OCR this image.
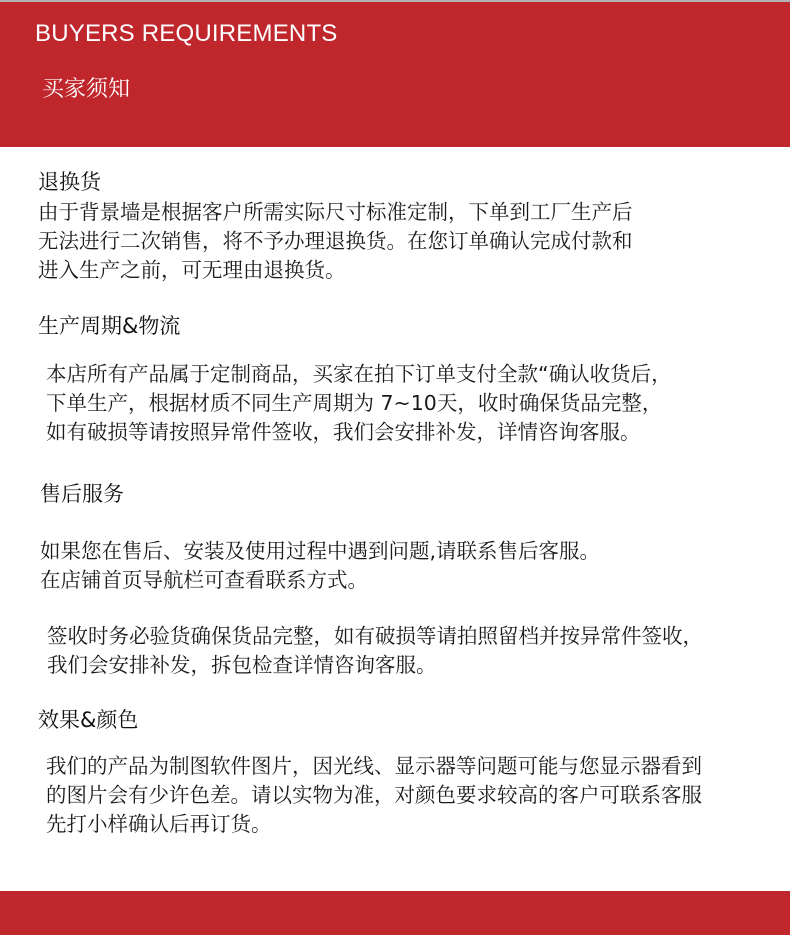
BUYERS REQUIREMENTS
买家须知
退换货
由于背景墙是根据客户所需实际尺寸标准定制，下单到工厂生产后
无法进行二次销售，将不予办理退换货。在您订单确认完成付款和
进入生产之前，可无理由退换货。
生产周期&物流
本店所有产品属于定制商品，买家在拍下订单支付全款“确认收货后，
下单生产，根据材质不同生产周期为 7~10天，收时确保货品完整，
如有破损等请按照异常件签收，我们会安排补发，详情咨询客服。
售后服务
如果您在售后、安装及使用过程中遇到问题,请联系售后客服。
在店铺首页导航栏可查看联系方式。
签收时务必验货确保货品完整，如有破损等请拍照留档并按异常件签收，
我们会安排补发，拆包检查详情咨询客服。
效果&颜色
我们的产品为制图软件图片，因光线、显示器等问题可能与您显示器看到
的图片会有少许色差。请以实物为准，对颜色要求较高的客户可联系客服
先打小样确认后再订货。
